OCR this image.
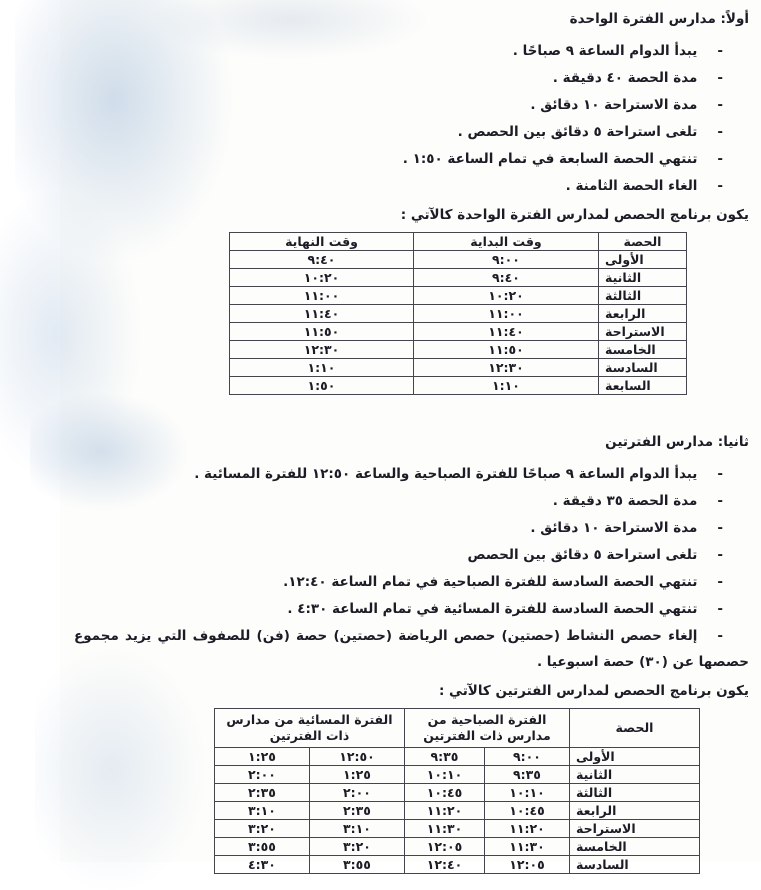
أولاً: مدارس الفترة الواحدة
-يبدأ الدوام الساعة ٩ صباحًا .
-مدة الحصة ٤٠ دقيقة .
-مدة الاستراحة ١٠ دقائق .
-تلغى استراحة ٥ دقائق بين الحصص .
-تنتهي الحصة السابعة في تمام الساعة ١:٥٠ .
-الغاء الحصة الثامنة .
يكون برنامج الحصص لمدارس الفترة الواحدة كالآتي :
الحصة	وقت البداية	وقت النهاية
الأولى	٩:٠٠	٩:٤٠
الثانية	٩:٤٠	١٠:٢٠
الثالثة	١٠:٢٠	١١:٠٠
الرابعة	١١:٠٠	١١:٤٠
الاستراحة	١١:٤٠	١١:٥٠
الخامسة	١١:٥٠	١٢:٣٠
السادسة	١٢:٣٠	١:١٠
السابعة	١:١٠	١:٥٠
ثانيا: مدارس الفترتين
-يبدأ الدوام الساعة ٩ صباحًا للفترة الصباحية والساعة ١٢:٥٠ للفترة المسائية .
-مدة الحصة ٣٥ دقيقة .
-مدة الاستراحة ١٠ دقائق .
-تلغى استراحة ٥ دقائق بين الحصص
-تنتهي الحصة السادسة للفترة الصباحية في تمام الساعة ١٢:٤٠.
-تنتهي الحصة السادسة للفترة المسائية في تمام الساعة ٤:٣٠ .
-إلغاء حصص النشاط (حصتين) حصص الرياضة (حصتين) حصة (فن) للصفوف التي يزيد مجموع حصصها عن (٣٠) حصة اسبوعيا .
يكون برنامج الحصص لمدارس الفترتين كالآتي :
الحصة	الفترة الصباحية من مدارس ذات الفترتين		الفترة المسائية من مدارس ذات الفترتين	
الأولى	٩:٠٠	٩:٣٥	١٢:٥٠	١:٢٥
الثانية	٩:٣٥	١٠:١٠	١:٢٥	٢:٠٠
الثالثة	١٠:١٠	١٠:٤٥	٢:٠٠	٢:٣٥
الرابعة	١٠:٤٥	١١:٢٠	٢:٣٥	٣:١٠
الاستراحة	١١:٢٠	١١:٣٠	٣:١٠	٣:٢٠
الخامسة	١١:٣٠	١٢:٠٥	٣:٢٠	٣:٥٥
السادسة	١٢:٠٥	١٢:٤٠	٣:٥٥	٤:٣٠
